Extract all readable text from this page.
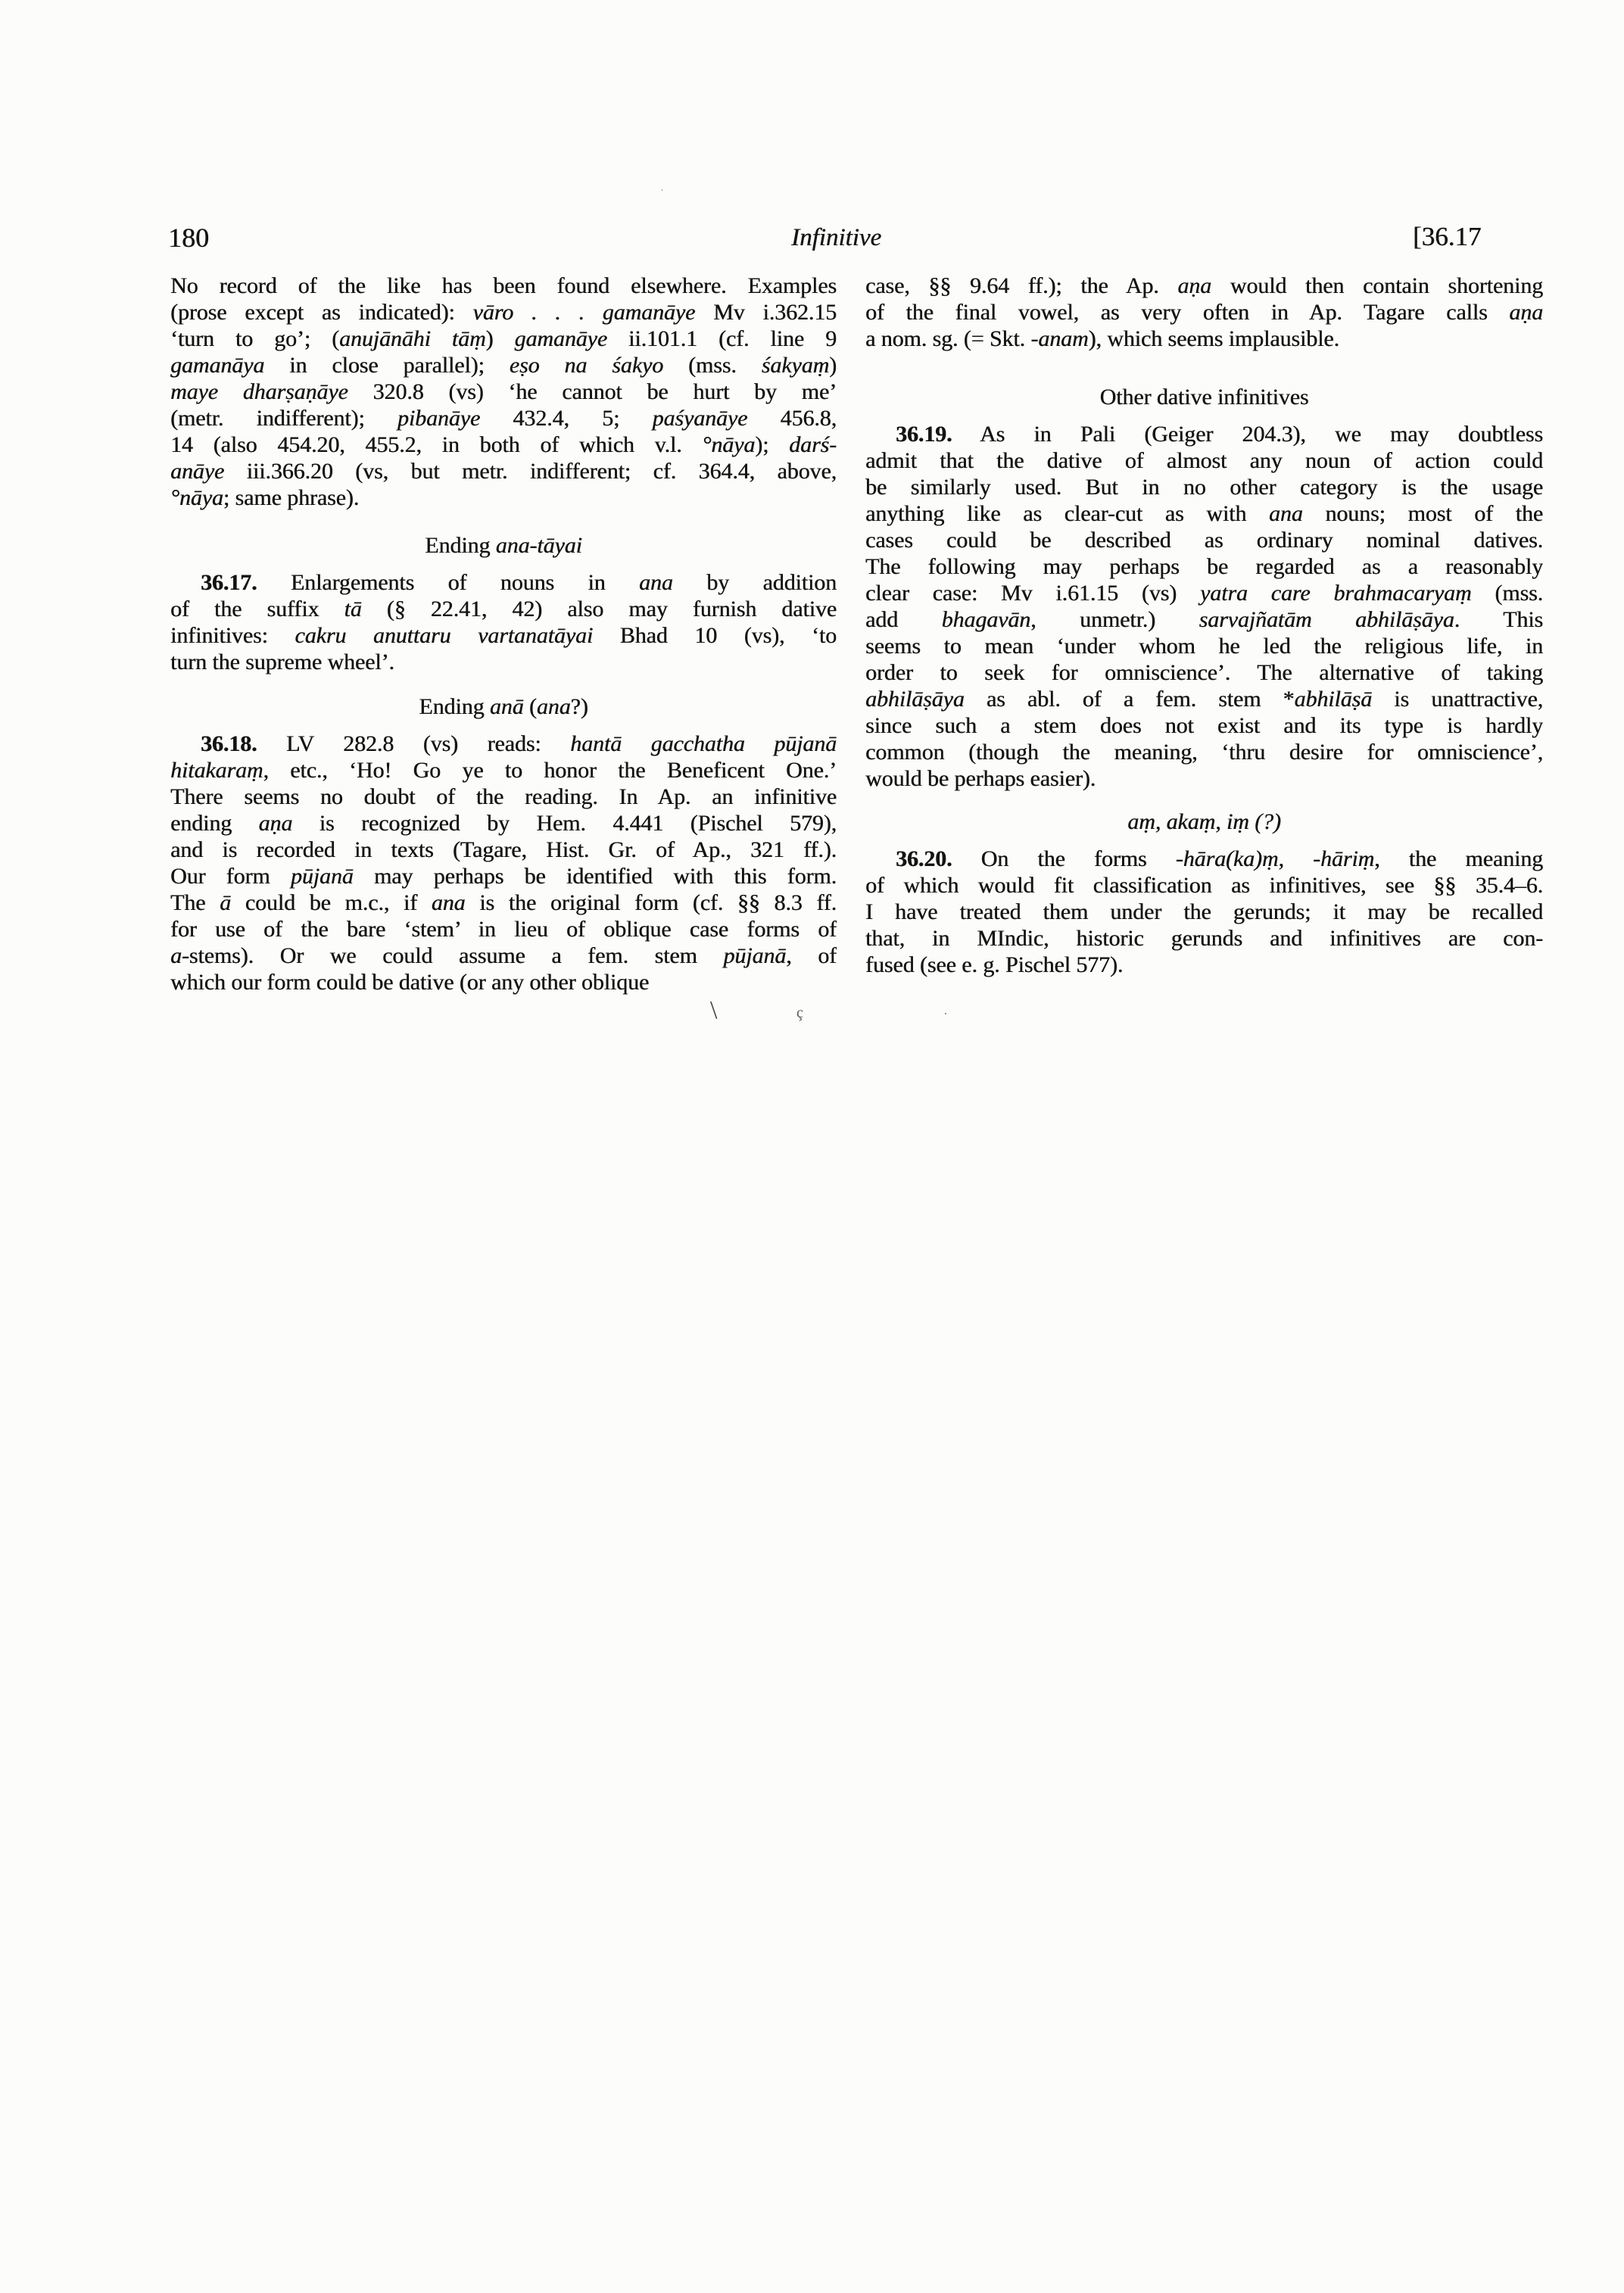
180	Infinitive	[36.17
No record of the like has been found elsewhere. Examples
(prose except as indicated): vāro . . . gamanāye Mv i.362.15
‘turn to go’; (anujānāhi tāṃ) gamanāye ii.101.1 (cf. line 9
gamanāya in close parallel); eṣo na śakyo (mss. śakyaṃ)
maye dharṣaṇāye 320.8 (vs) ‘he cannot be hurt by me’
(metr. indifferent); pibanāye 432.4, 5; paśyanāye 456.8,
14 (also 454.20, 455.2, in both of which v.l. °nāya); darś-
anāye iii.366.20 (vs, but metr. indifferent; cf. 364.4, above,
°nāya; same phrase).
Ending ana-tāyai
36.17. Enlargements of nouns in ana by addition
of the suffix tā (§ 22.41, 42) also may furnish dative
infinitives: cakru anuttaru vartanatāyai Bhad 10 (vs), ‘to
turn the supreme wheel’.
Ending anā (ana?)
36.18. LV 282.8 (vs) reads: hantā gacchatha pūjanā
hitakaraṃ, etc., ‘Ho! Go ye to honor the Beneficent One.’
There seems no doubt of the reading. In Ap. an infinitive
ending aṇa is recognized by Hem. 4.441 (Pischel 579),
and is recorded in texts (Tagare, Hist. Gr. of Ap., 321 ff.).
Our form pūjanā may perhaps be identified with this form.
The ā could be m.c., if ana is the original form (cf. §§ 8.3 ff.
for use of the bare ‘stem’ in lieu of oblique case forms of
a-stems). Or we could assume a fem. stem pūjanā, of
which our form could be dative (or any other oblique
case, §§ 9.64 ff.); the Ap. aṇa would then contain shortening
of the final vowel, as very often in Ap. Tagare calls aṇa
a nom. sg. (= Skt. -anam), which seems implausible.
Other dative infinitives
36.19. As in Pali (Geiger 204.3), we may doubtless
admit that the dative of almost any noun of action could
be similarly used. But in no other category is the usage
anything like as clear-cut as with ana nouns; most of the
cases could be described as ordinary nominal datives.
The following may perhaps be regarded as a reasonably
clear case: Mv i.61.15 (vs) yatra care brahmacaryaṃ (mss.
add bhagavān, unmetr.) sarvajñatām abhilāṣāya. This
seems to mean ‘under whom he led the religious life, in
order to seek for omniscience’. The alternative of taking
abhilāṣāya as abl. of a fem. stem *abhilāṣā is unattractive,
since such a stem does not exist and its type is hardly
common (though the meaning, ‘thru desire for omniscience’,
would be perhaps easier).
aṃ, akaṃ, iṃ (?)
36.20. On the forms -hāra(ka)ṃ, -hāriṃ, the meaning
of which would fit classification as infinitives, see §§ 35.4–6.
I have treated them under the gerunds; it may be recalled
that, in MIndic, historic gerunds and infinitives are con-
fused (see e. g. Pischel 577).
\	ç	·
·
